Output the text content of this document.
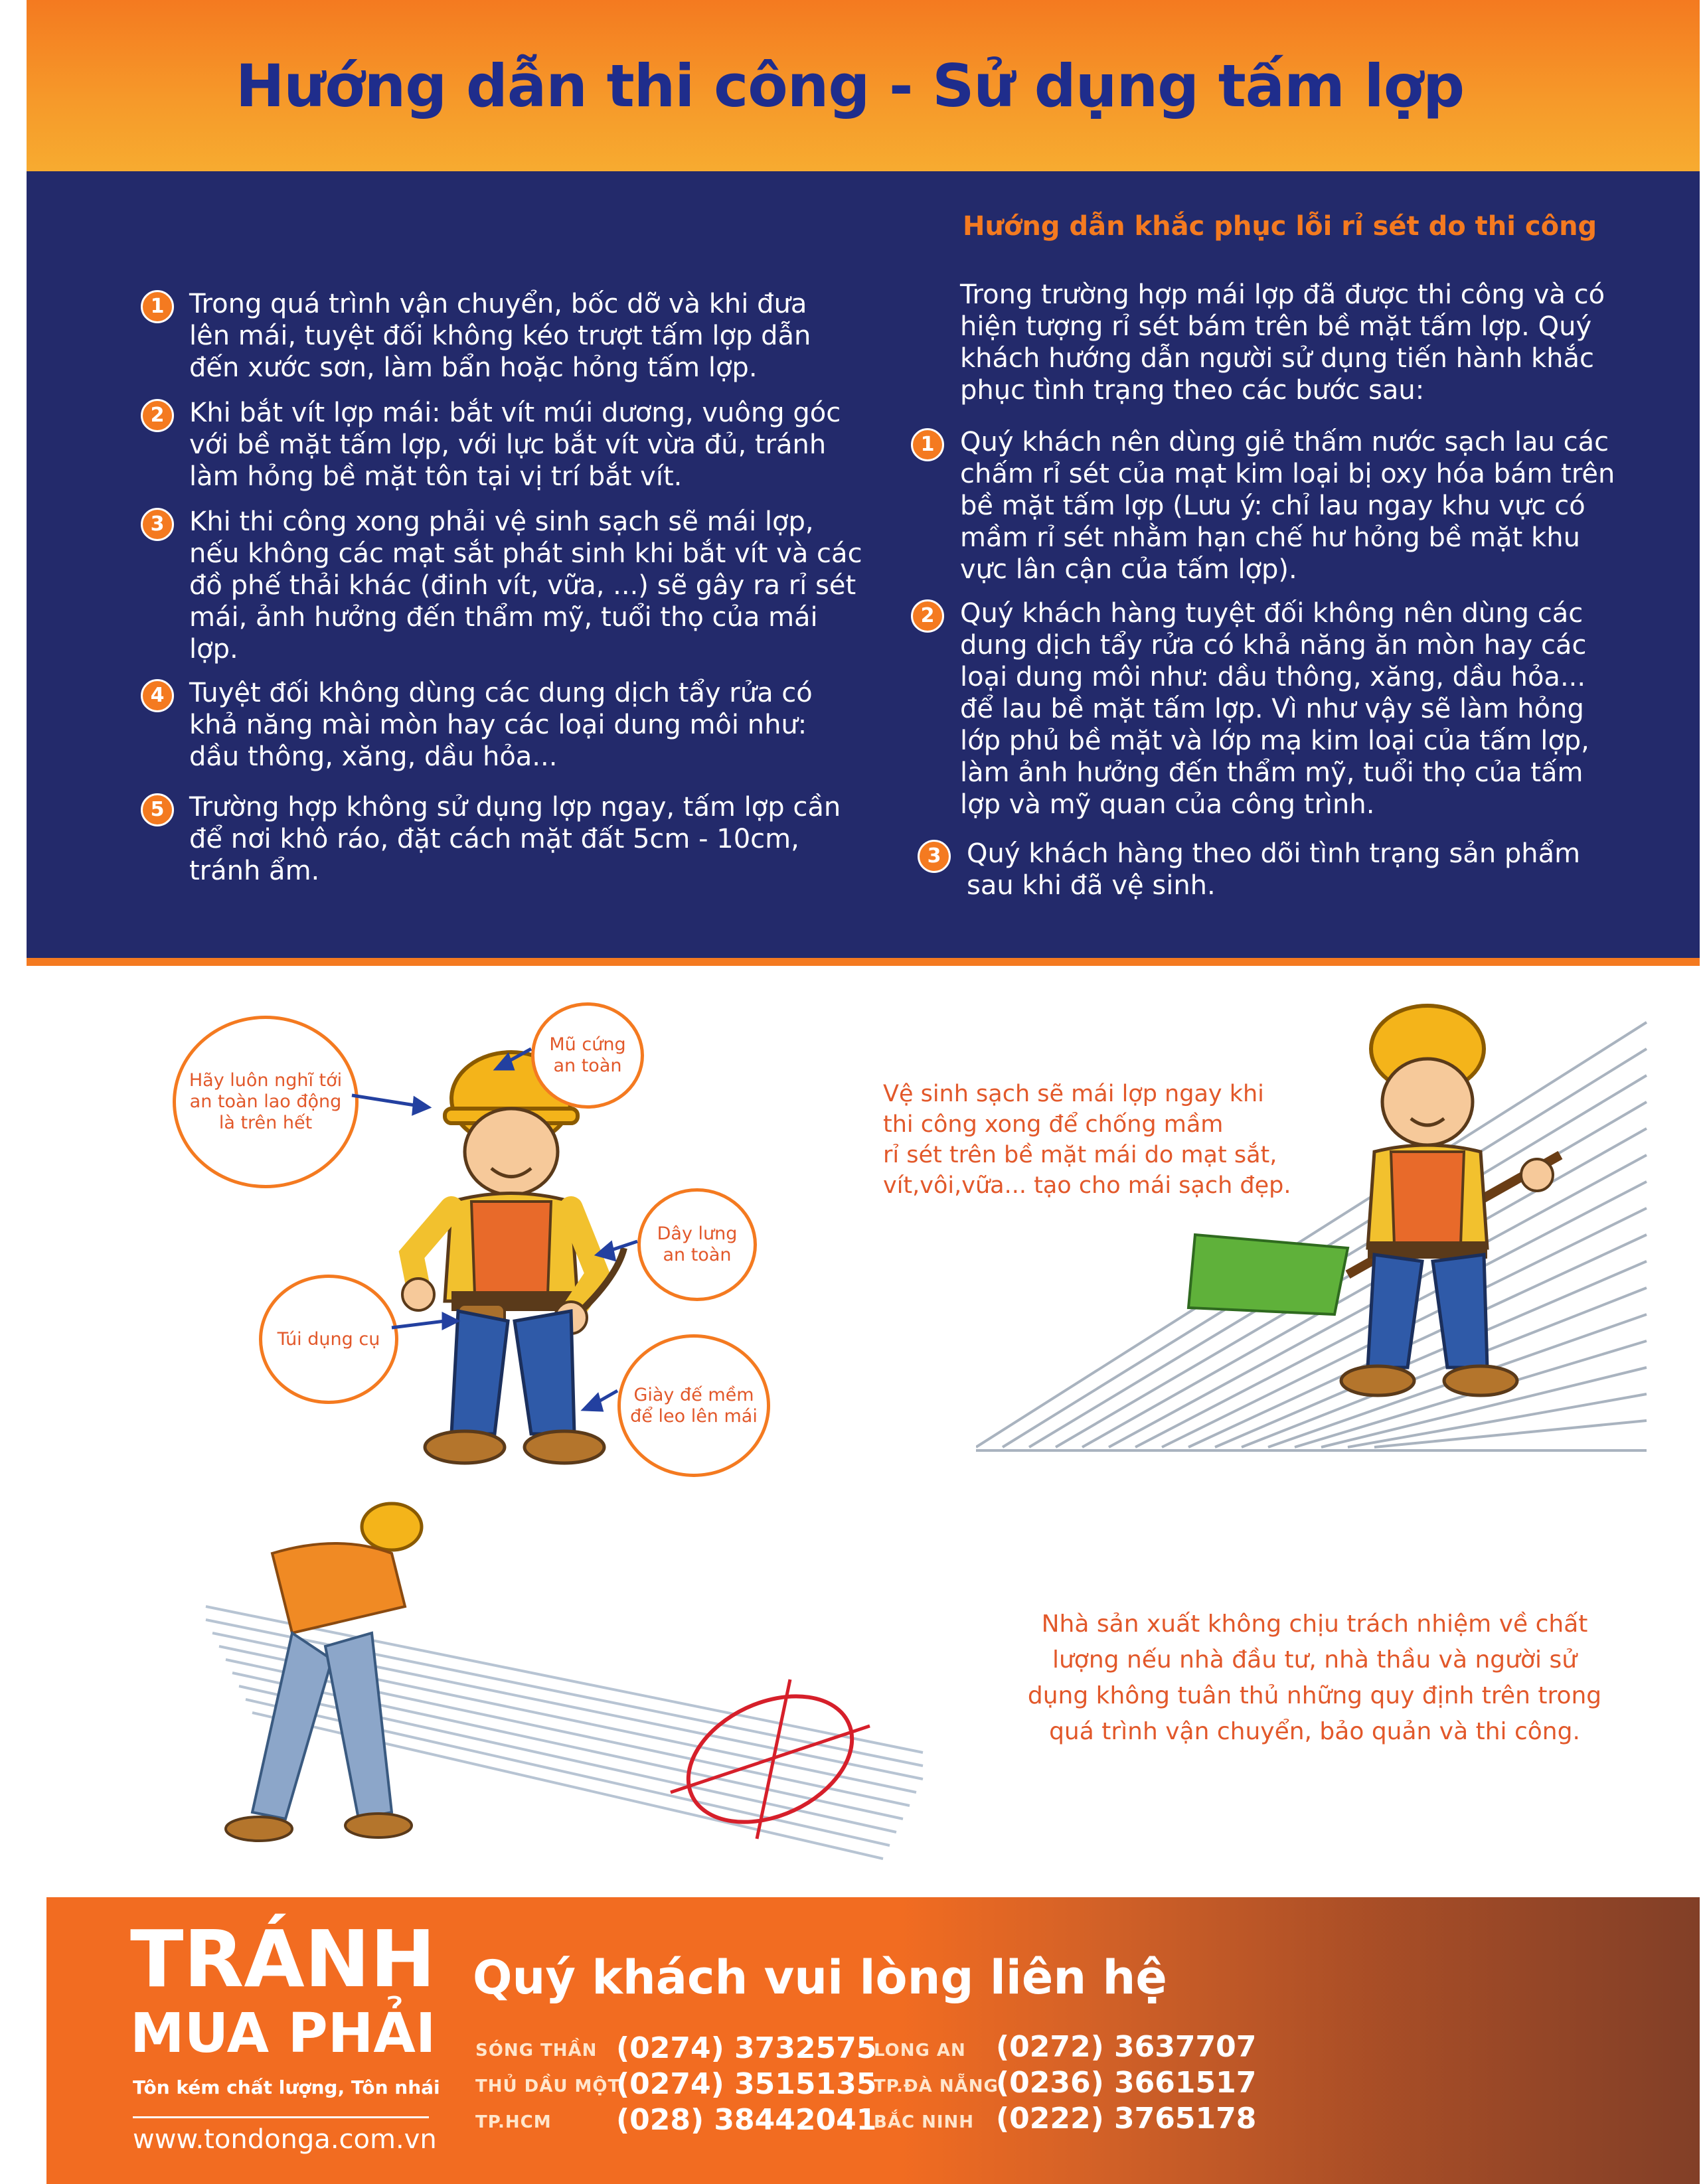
Hướng dẫn thi công - Sử dụng tấm lợp
Trong quá trình vận chuyển, bốc dỡ và khi đưa
lên mái, tuyệt đối không kéo trượt tấm lợp dẫn
đến xước sơn, làm bẩn hoặc hỏng tấm lợp.
1
Khi bắt vít lợp mái: bắt vít múi dương, vuông góc
với bề mặt tấm lợp, với lực bắt vít vừa đủ, tránh
làm hỏng bề mặt tôn tại vị trí bắt vít.
2
Khi thi công xong phải vệ sinh sạch sẽ mái lợp,
nếu không các mạt sắt phát sinh khi bắt vít và các
đồ phế thải khác (đinh vít, vữa, ...) sẽ gây ra rỉ sét
mái, ảnh hưởng đến thẩm mỹ, tuổi thọ của mái
lợp.
3
Tuyệt đối không dùng các dung dịch tẩy rửa có
khả năng mài mòn hay các loại dung môi như:
dầu thông, xăng, dầu hỏa...
4
Trường hợp không sử dụng lợp ngay, tấm lợp cần
để nơi khô ráo, đặt cách mặt đất 5cm - 10cm,
tránh ẩm.
5
Hướng dẫn khắc phục lỗi rỉ sét do thi công
Trong trường hợp mái lợp đã được thi công và có
hiện tượng rỉ sét bám trên bề mặt tấm lợp. Quý
khách hướng dẫn người sử dụng tiến hành khắc
phục tình trạng theo các bước sau:
Quý khách nên dùng giẻ thấm nước sạch lau các
chấm rỉ sét của mạt kim loại bị oxy hóa bám trên
bề mặt tấm lợp (Lưu ý: chỉ lau ngay khu vực có
mầm rỉ sét nhằm hạn chế hư hỏng bề mặt khu
vực lân cận của tấm lợp).
1
Quý khách hàng tuyệt đối không nên dùng các
dung dịch tẩy rửa có khả năng ăn mòn hay các
loại dung môi như: dầu thông, xăng, dầu hỏa...
để lau bề mặt tấm lợp. Vì như vậy sẽ làm hỏng
lớp phủ bề mặt và lớp mạ kim loại của tấm lợp,
làm ảnh hưởng đến thẩm mỹ, tuổi thọ của tấm
lợp và mỹ quan của công trình.
2
Quý khách hàng theo dõi tình trạng sản phẩm
sau khi đã vệ sinh.
3
Hãy luôn nghĩ tới
an toàn lao động
là trên hết
Mũ cứng
an toàn
Dây lưng
an toàn
Túi dụng cụ
Giày đế mềm
để leo lên mái
Vệ sinh sạch sẽ mái lợp ngay khi
thi công xong để chống mầm
rỉ sét trên bề mặt mái do mạt sắt,
vít,vôi,vữa... tạo cho mái sạch đẹp.
Nhà sản xuất không chịu trách nhiệm về chất
lượng nếu nhà đầu tư, nhà thầu và người sử
dụng không tuân thủ những quy định trên trong
quá trình vận chuyển, bảo quản và thi công.
TRÁNH
MUA PHẢI
Tôn kém chất lượng, Tôn nhái
www.tondonga.com.vn
Quý khách vui lòng liên hệ
SÓNG THẦN (0274) 3732575
THỦ DẦU MỘT
(0274) 3515135
TP.HCM (028) 38442041
LONG AN (0272) 3637707
TP.ĐÀ NẴNG
(0236) 3661517
BẮC NINH (0222) 3765178
